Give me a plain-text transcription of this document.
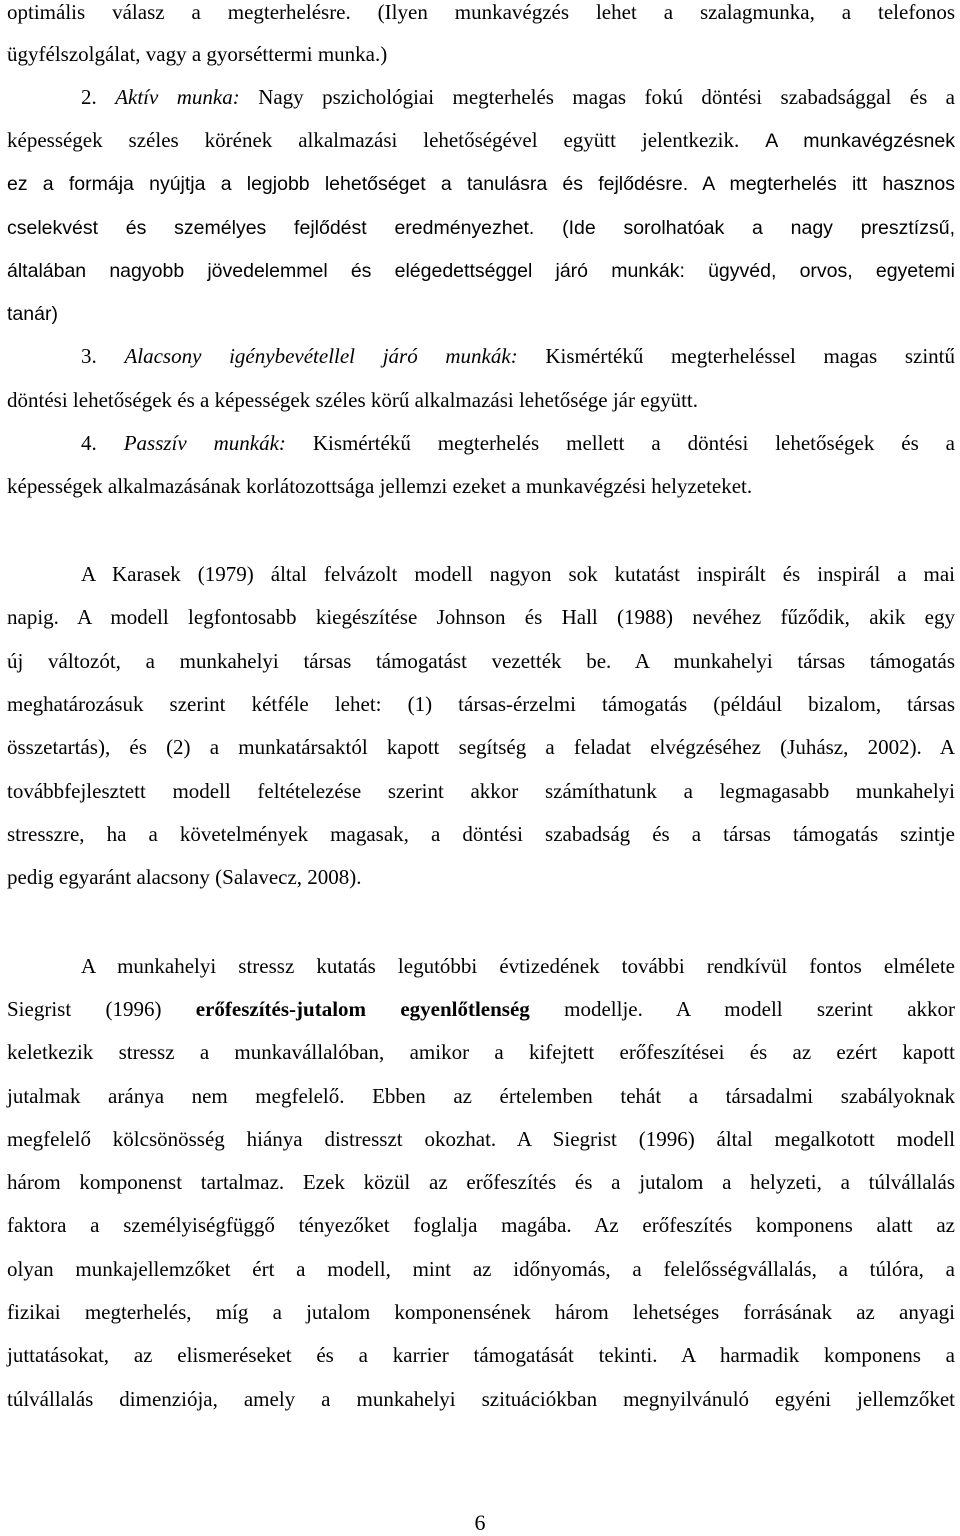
optimális válasz a megterhelésre. (Ilyen munkavégzés lehet a szalagmunka, a telefonos
ügyfélszolgálat, vagy a gyorséttermi munka.)
2. Aktív munka: Nagy pszichológiai megterhelés magas fokú döntési szabadsággal és a
képességek széles körének alkalmazási lehetőségével együtt jelentkezik. A munkavégzésnek
ez a formája nyújtja a legjobb lehetőséget a tanulásra és fejlődésre. A megterhelés itt hasznos
cselekvést és személyes fejlődést eredményezhet. (Ide sorolhatóak a nagy presztízsű,
általában nagyobb jövedelemmel és elégedettséggel járó munkák: ügyvéd, orvos, egyetemi
tanár)
3. Alacsony igénybevétellel járó munkák: Kismértékű megterheléssel magas szintű
döntési lehetőségek és a képességek széles körű alkalmazási lehetősége jár együtt.
4. Passzív munkák: Kismértékű megterhelés mellett a döntési lehetőségek és a
képességek alkalmazásának korlátozottsága jellemzi ezeket a munkavégzési helyzeteket.
A Karasek (1979) által felvázolt modell nagyon sok kutatást inspirált és inspirál a mai
napig. A modell legfontosabb kiegészítése Johnson és Hall (1988) nevéhez fűződik, akik egy
új változót, a munkahelyi társas támogatást vezették be. A munkahelyi társas támogatás
meghatározásuk szerint kétféle lehet: (1) társas-érzelmi támogatás (például bizalom, társas
összetartás), és (2) a munkatársaktól kapott segítség a feladat elvégzéséhez (Juhász, 2002). A
továbbfejlesztett modell feltételezése szerint akkor számíthatunk a legmagasabb munkahelyi
stresszre, ha a követelmények magasak, a döntési szabadság és a társas támogatás szintje
pedig egyaránt alacsony (Salavecz, 2008).
A munkahelyi stressz kutatás legutóbbi évtizedének további rendkívül fontos elmélete
Siegrist (1996) erőfeszítés-jutalom egyenlőtlenség modellje. A modell szerint akkor
keletkezik stressz a munkavállalóban, amikor a kifejtett erőfeszítései és az ezért kapott
jutalmak aránya nem megfelelő. Ebben az értelemben tehát a társadalmi szabályoknak
megfelelő kölcsönösség hiánya distresszt okozhat. A Siegrist (1996) által megalkotott modell
három komponenst tartalmaz. Ezek közül az erőfeszítés és a jutalom a helyzeti, a túlvállalás
faktora a személyiségfüggő tényezőket foglalja magába. Az erőfeszítés komponens alatt az
olyan munkajellemzőket ért a modell, mint az időnyomás, a felelősségvállalás, a túlóra, a
fizikai megterhelés, míg a jutalom komponensének három lehetséges forrásának az anyagi
juttatásokat, az elismeréseket és a karrier támogatását tekinti. A harmadik komponens a
túlvállalás dimenziója, amely a munkahelyi szituációkban megnyilvánuló egyéni jellemzőket
6
